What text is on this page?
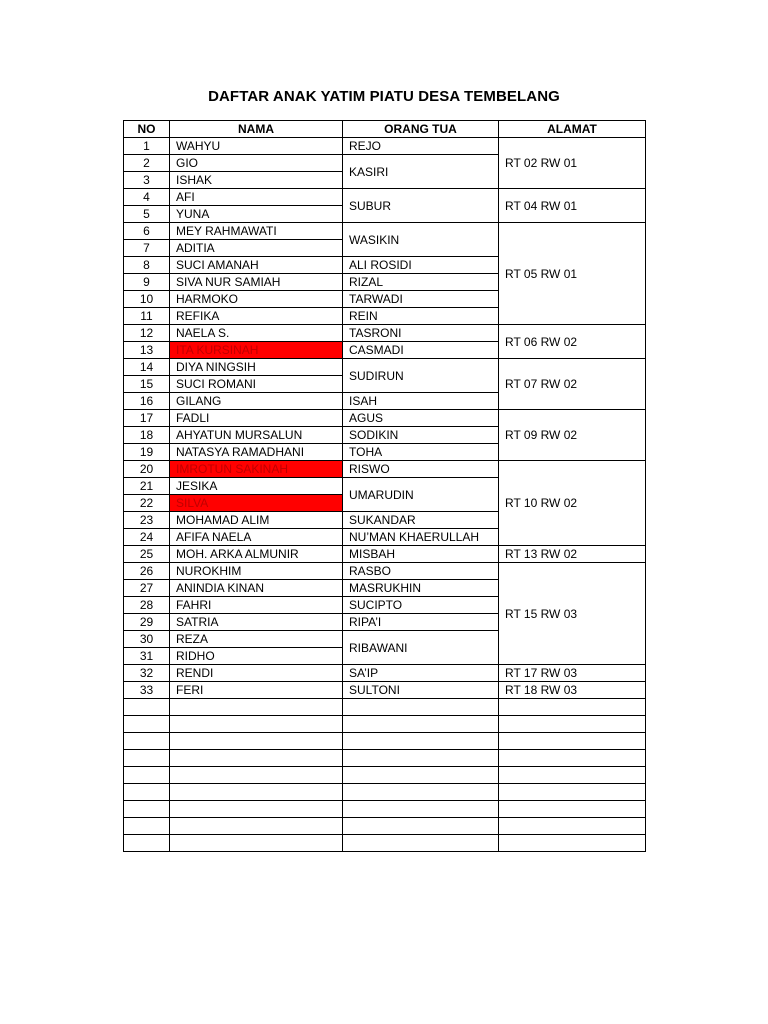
DAFTAR ANAK YATIM PIATU DESA TEMBELANG
NO	NAMA	ORANG TUA	ALAMAT
1	WAHYU	REJO	RT 02 RW 01
2	GIO	KASIRI	
3	ISHAK		
4	AFI	SUBUR	RT 04 RW 01
5	YUNA		
6	MEY RAHMAWATI	WASIKIN	RT 05 RW 01
7	ADITIA		
8	SUCI AMANAH	ALI ROSIDI	
9	SIVA NUR SAMIAH	RIZAL	
10	HARMOKO	TARWADI	
11	REFIKA	REIN	
12	NAELA S.	TASRONI	RT 06 RW 02
13	ITA KURSINAH	CASMADI	
14	DIYA NINGSIH	SUDIRUN	RT 07 RW 02
15	SUCI ROMANI		
16	GILANG	ISAH	
17	FADLI	AGUS	RT 09 RW 02
18	AHYATUN MURSALUN	SODIKIN	
19	NATASYA RAMADHANI	TOHA	
20	IMROTUN SAKINAH	RISWO	RT 10 RW 02
21	JESIKA	UMARUDIN	
22	SILVA		
23	MOHAMAD ALIM	SUKANDAR	
24	AFIFA NAELA	NU’MAN KHAERULLAH	
25	MOH. ARKA ALMUNIR	MISBAH	RT 13 RW 02
26	NUROKHIM	RASBO	RT 15 RW 03
27	ANINDIA KINAN	MASRUKHIN	
28	FAHRI	SUCIPTO	
29	SATRIA	RIPA’I	
30	REZA	RIBAWANI	
31	RIDHO		
32	RENDI	SA’IP	RT 17 RW 03
33	FERI	SULTONI	RT 18 RW 03
